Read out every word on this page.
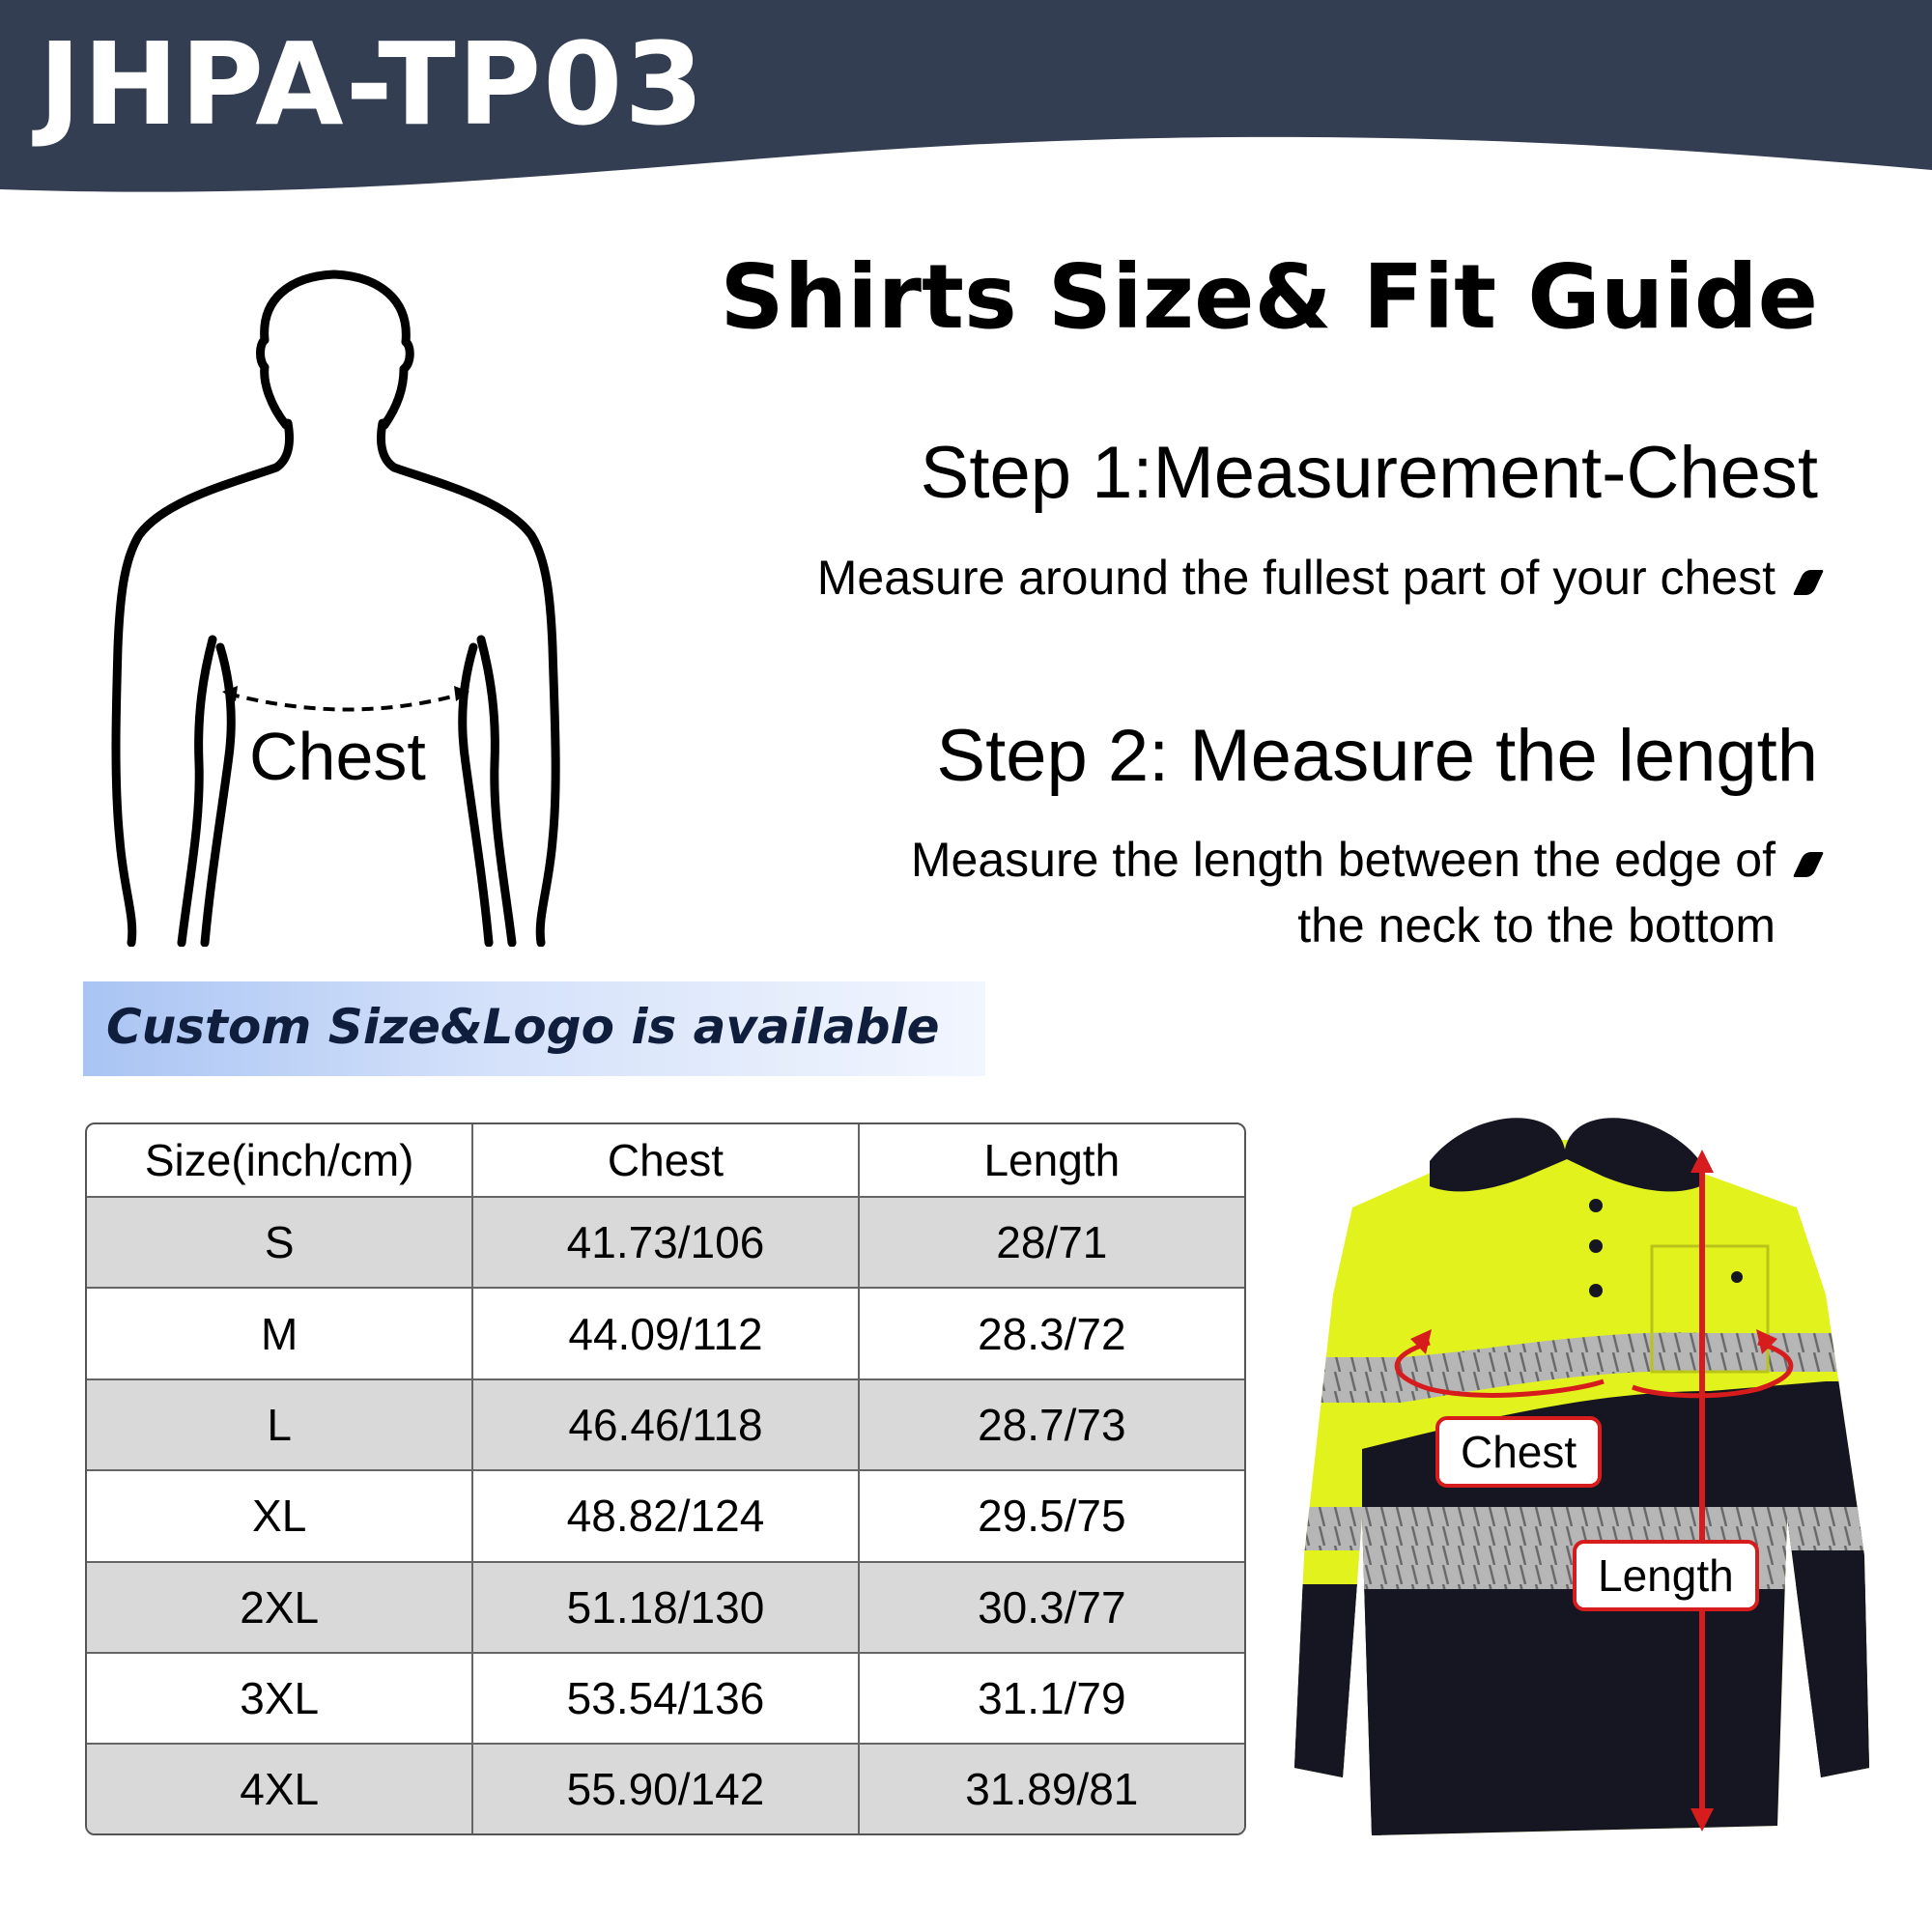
JHPA-TP03
Shirts Size& Fit Guide
Step 1:Measurement-Chest
Measure around the fullest part of your chest
Step 2: Measure the length
Measure the length between the edge of
the neck to the bottom
Chest
Custom Size&Logo is available
Size(inch/cm)	Chest	Length
S	41.73/106	28/71
M	44.09/112	28.3/72
L	46.46/118	28.7/73
XL	48.82/124	29.5/75
2XL	51.18/130	30.3/77
3XL	53.54/136	31.1/79
4XL	55.90/142	31.89/81
Chest
Length
